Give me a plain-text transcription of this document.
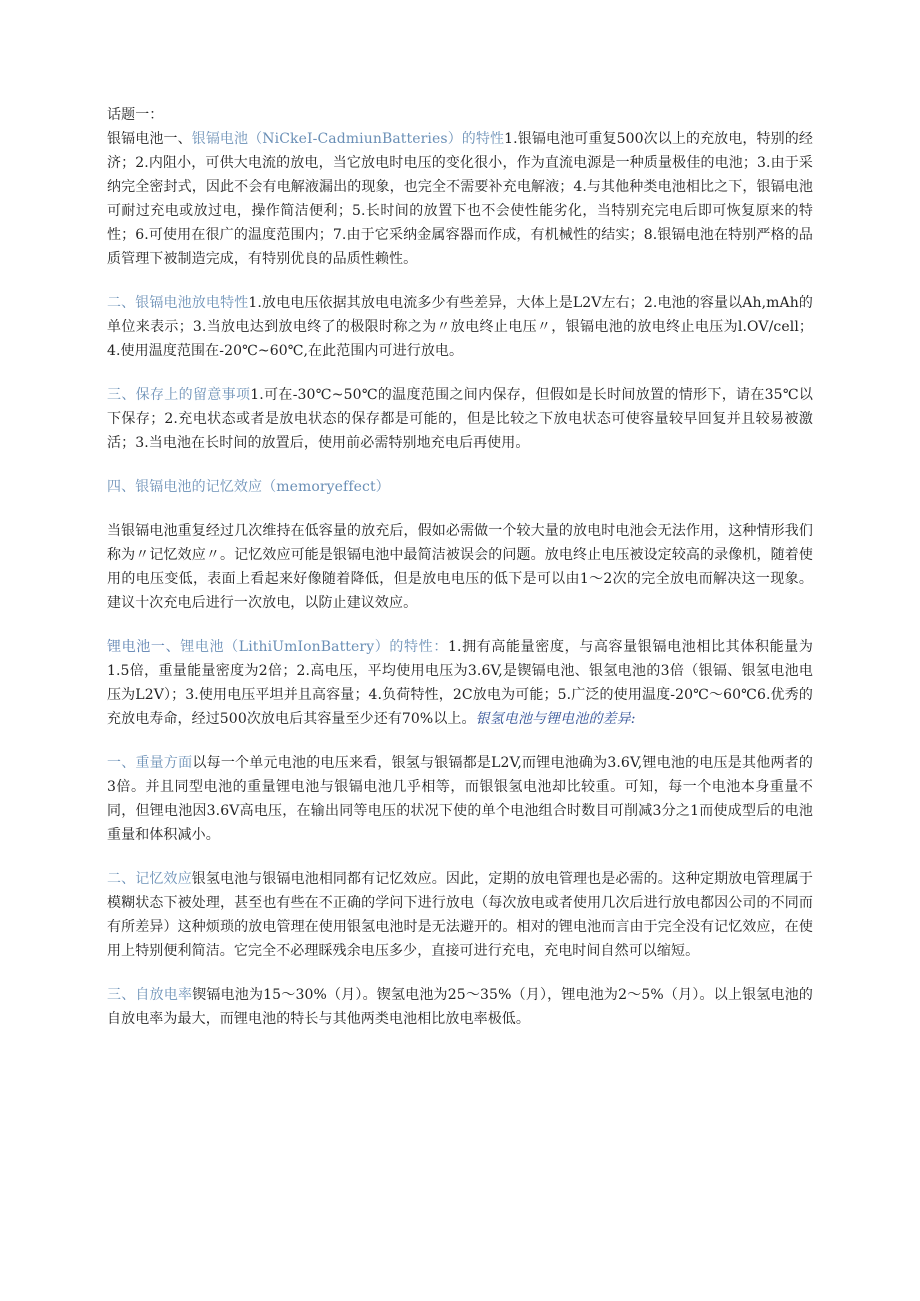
话题一：

银镉电池一、银镉电池（NiCkeI-CadmiunBatteries）的特性1.银镉电池可重复500次以上的充放电，特别的经济；2.内阻小，可供大电流的放电，当它放电时电压的变化很小，作为直流电源是一种质量极佳的电池；3.由于采纳完全密封式，因此不会有电解液漏出的现象，也完全不需要补充电解液；4.与其他种类电池相比之下，银镉电池可耐过充电或放过电，操作简洁便利；5.长时间的放置下也不会使性能劣化，当特别充完电后即可恢复原来的特性；6.可使用在很广的温度范围内；7.由于它采纳金属容器而作成，有机械性的结实；8.银镉电池在特别严格的品质管理下被制造完成，有特别优良的品质性赖性。

二、银镉电池放电特性1.放电电压依据其放电电流多少有些差异，大体上是L2V左右；2.电池的容量以Ah,mAh的单位来表示；3.当放电达到放电终了的极限时称之为〃放电终止电压〃，银镉电池的放电终止电压为l.OV/cell；4.使用温度范围在-20℃~60℃,在此范围内可进行放电。

三、保存上的留意事项1.可在-30℃~50℃的温度范围之间内保存，但假如是长时间放置的情形下，请在35℃以下保存；2.充电状态或者是放电状态的保存都是可能的，但是比较之下放电状态可使容量较早回复并且较易被激活；3.当电池在长时间的放置后，使用前必需特别地充电后再使用。

四、银镉电池的记忆效应（memoryeffect）

当银镉电池重复经过几次维持在低容量的放充后，假如必需做一个较大量的放电时电池会无法作用，这种情形我们称为〃记忆效应〃。记忆效应可能是银镉电池中最简洁被误会的问题。放电终止电压被设定较高的录像机，随着使用的电压变低，表面上看起来好像随着降低，但是放电电压的低下是可以由1～2次的完全放电而解决这一现象。建议十次充电后进行一次放电，以防止建议效应。

锂电池一、锂电池（LithiUmIonBattery）的特性：1.拥有高能量密度，与高容量银镉电池相比其体积能量为1.5倍，重量能量密度为2倍；2.高电压，平均使用电压为3.6V,是锲镉电池、银氢电池的3倍（银镉、银氢电池电压为L2V）；3.使用电压平坦并且高容量；4.负荷特性，2C放电为可能；5.广泛的使用温度-20℃～60℃6.优秀的充放电寿命，经过500次放电后其容量至少还有70%以上。银氢电池与锂电池的差异:

一、重量方面以每一个单元电池的电压来看，银氢与银镉都是L2V,而锂电池确为3.6V,锂电池的电压是其他两者的3倍。并且同型电池的重量锂电池与银镉电池几乎相等，而银银氢电池却比较重。可知，每一个电池本身重量不同，但锂电池因3.6V高电压，在输出同等电压的状况下使的单个电池组合时数目可削减3分之1而使成型后的电池重量和体积减小。

二、记忆效应银氢电池与银镉电池相同都有记忆效应。因此，定期的放电管理也是必需的。这种定期放电管理属于模糊状态下被处理，甚至也有些在不正确的学问下进行放电（每次放电或者使用几次后进行放电都因公司的不同而有所差异）这种烦琐的放电管理在使用银氢电池时是无法避开的。相对的锂电池而言由于完全没有记忆效应，在使用上特别便利简洁。它完全不必理睬残余电压多少，直接可进行充电，充电时间自然可以缩短。

三、自放电率锲镉电池为15～30%（月）。锲氢电池为25～35%（月），锂电池为2～5%（月）。以上银氢电池的自放电率为最大，而锂电池的特长与其他两类电池相比放电率极低。
